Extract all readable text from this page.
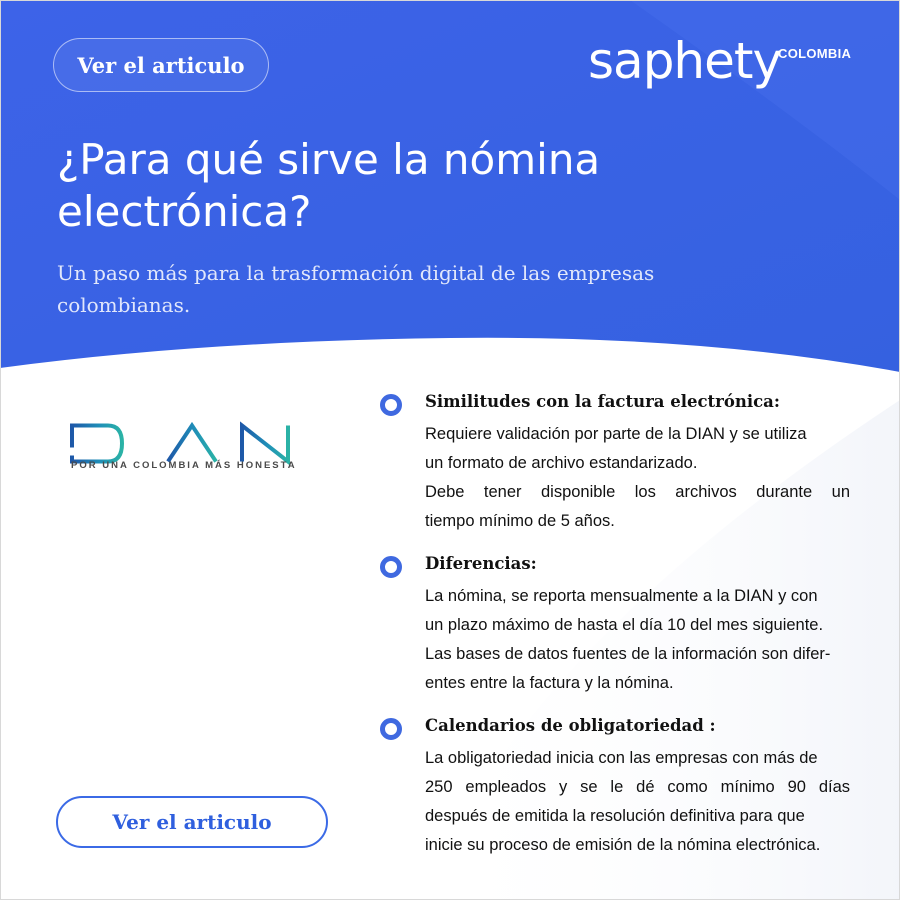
Ver el articulo	saphety
COLOMBIA
¿Para qué sirve la nómina
electrónica?

Un paso más para la trasformación digital de las empresas
colombianas.

POR UNA COLOMBIA MÁS HONESTA
Ver el articulo
Similitudes con la factura electrónica:
Requiere validación por parte de la DIAN y se utiliza
un formato de archivo estandarizado.
Debe tener disponible los archivos durante un
tiempo mínimo de 5 años.
Diferencias:
La nómina, se reporta mensualmente a la DIAN y con
un plazo máximo de hasta el día 10 del mes siguiente.
Las bases de datos fuentes de la información son difer-
entes entre la factura y la nómina.
Calendarios de obligatoriedad :
La obligatoriedad inicia con las empresas con más de
250 empleados y se le dé como mínimo 90 días
después de emitida la resolución definitiva para que
inicie su proceso de emisión de la nómina electrónica.
